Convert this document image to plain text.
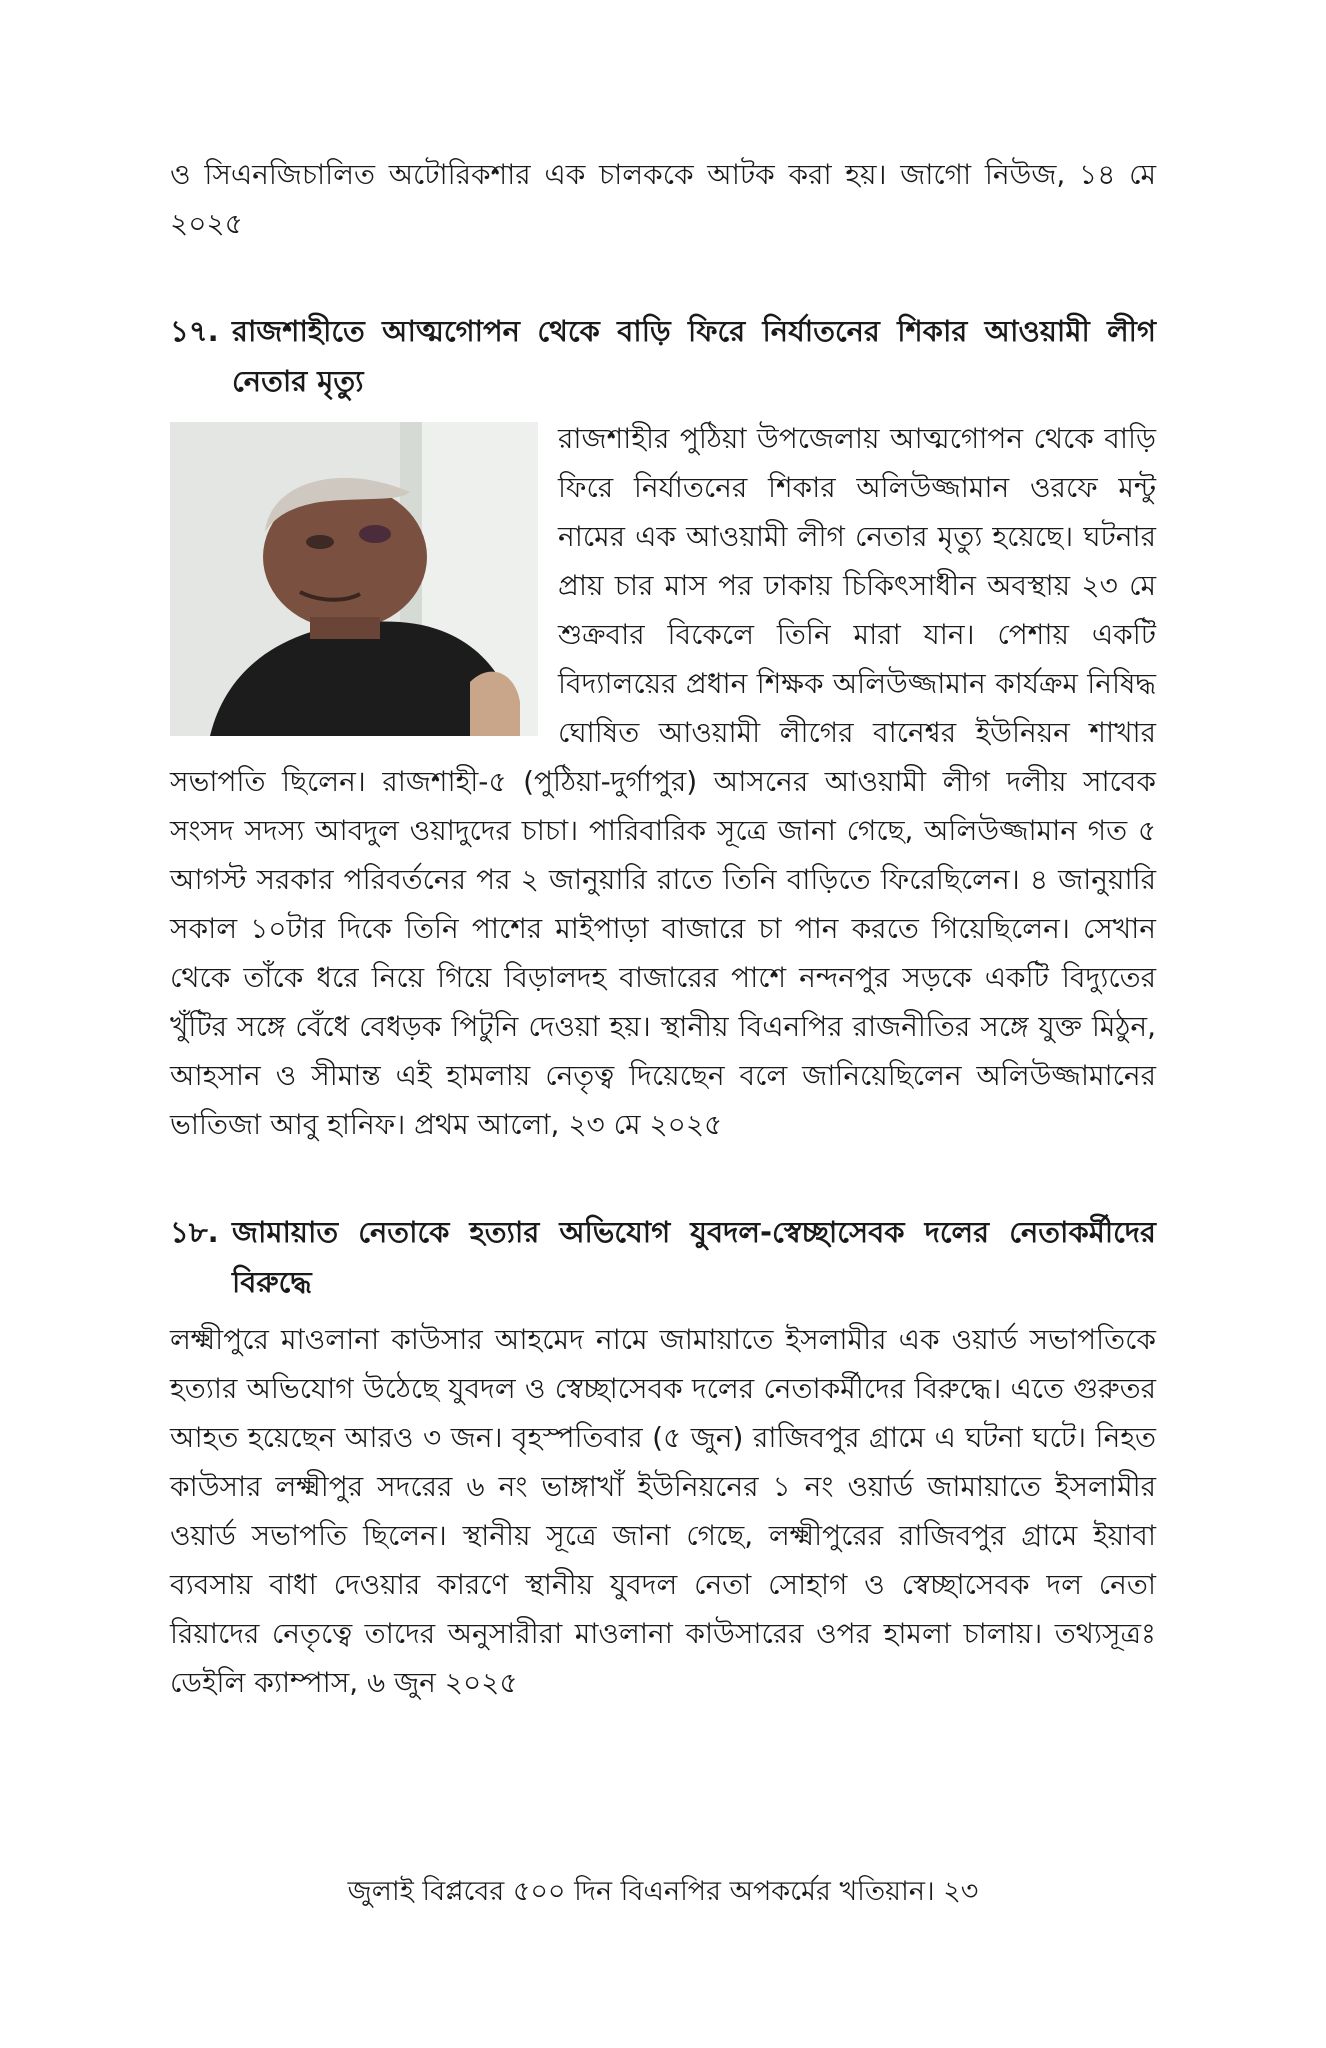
ও সিএনজিচালিত অটোরিকশার এক চালককে আটক করা হয়। জাগো নিউজ, ১৪ মে ২০২৫

১৭. রাজশাহীতে আত্মগোপন থেকে বাড়ি ফিরে নির্যাতনের শিকার আওয়ামী লীগ নেতার মৃত্যু

রাজশাহীর পুঠিয়া উপজেলায় আত্মগোপন থেকে বাড়ি ফিরে নির্যাতনের শিকার অলিউজ্জামান ওরফে মন্টু নামের এক আওয়ামী লীগ নেতার মৃত্যু হয়েছে। ঘটনার প্রায় চার মাস পর ঢাকায় চিকিৎসাধীন অবস্থায় ২৩ মে শুক্রবার বিকেলে তিনি মারা যান। পেশায় একটি বিদ্যালয়ের প্রধান শিক্ষক অলিউজ্জামান কার্যক্রম নিষিদ্ধ ঘোষিত আওয়ামী লীগের বানেশ্বর ইউনিয়ন শাখার সভাপতি ছিলেন। রাজশাহী-৫ (পুঠিয়া-দুর্গাপুর) আসনের আওয়ামী লীগ দলীয় সাবেক সংসদ সদস্য আবদুল ওয়াদুদের চাচা। পারিবারিক সূত্রে জানা গেছে, অলিউজ্জামান গত ৫ আগস্ট সরকার পরিবর্তনের পর ২ জানুয়ারি রাতে তিনি বাড়িতে ফিরেছিলেন। ৪ জানুয়ারি সকাল ১০টার দিকে তিনি পাশের মাইপাড়া বাজারে চা পান করতে গিয়েছিলেন। সেখান থেকে তাঁকে ধরে নিয়ে গিয়ে বিড়ালদহ বাজারের পাশে নন্দনপুর সড়কে একটি বিদ্যুতের খুঁটির সঙ্গে বেঁধে বেধড়ক পিটুনি দেওয়া হয়। স্থানীয় বিএনপির রাজনীতির সঙ্গে যুক্ত মিঠুন, আহসান ও সীমান্ত এই হামলায় নেতৃত্ব দিয়েছেন বলে জানিয়েছিলেন অলিউজ্জামানের ভাতিজা আবু হানিফ। প্রথম আলো, ২৩ মে ২০২৫

১৮. জামায়াত নেতাকে হত্যার অভিযোগ যুবদল-স্বেচ্ছাসেবক দলের নেতাকর্মীদের বিরুদ্ধে

লক্ষ্মীপুরে মাওলানা কাউসার আহমেদ নামে জামায়াতে ইসলামীর এক ওয়ার্ড সভাপতিকে হত্যার অভিযোগ উঠেছে যুবদল ও স্বেচ্ছাসেবক দলের নেতাকর্মীদের বিরুদ্ধে। এতে গুরুতর আহত হয়েছেন আরও ৩ জন। বৃহস্পতিবার (৫ জুন) রাজিবপুর গ্রামে এ ঘটনা ঘটে। নিহত কাউসার লক্ষ্মীপুর সদরের ৬ নং ভাঙ্গাখাঁ ইউনিয়নের ১ নং ওয়ার্ড জামায়াতে ইসলামীর ওয়ার্ড সভাপতি ছিলেন। স্থানীয় সূত্রে জানা গেছে, লক্ষ্মীপুরের রাজিবপুর গ্রামে ইয়াবা ব্যবসায় বাধা দেওয়ার কারণে স্থানীয় যুবদল নেতা সোহাগ ও স্বেচ্ছাসেবক দল নেতা রিয়াদের নেতৃত্বে তাদের অনুসারীরা মাওলানা কাউসারের ওপর হামলা চালায়। তথ্যসূত্রঃ ডেইলি ক্যাম্পাস, ৬ জুন ২০২৫

জুলাই বিপ্লবের ৫০০ দিন বিএনপির অপকর্মের খতিয়ান। ২৩
